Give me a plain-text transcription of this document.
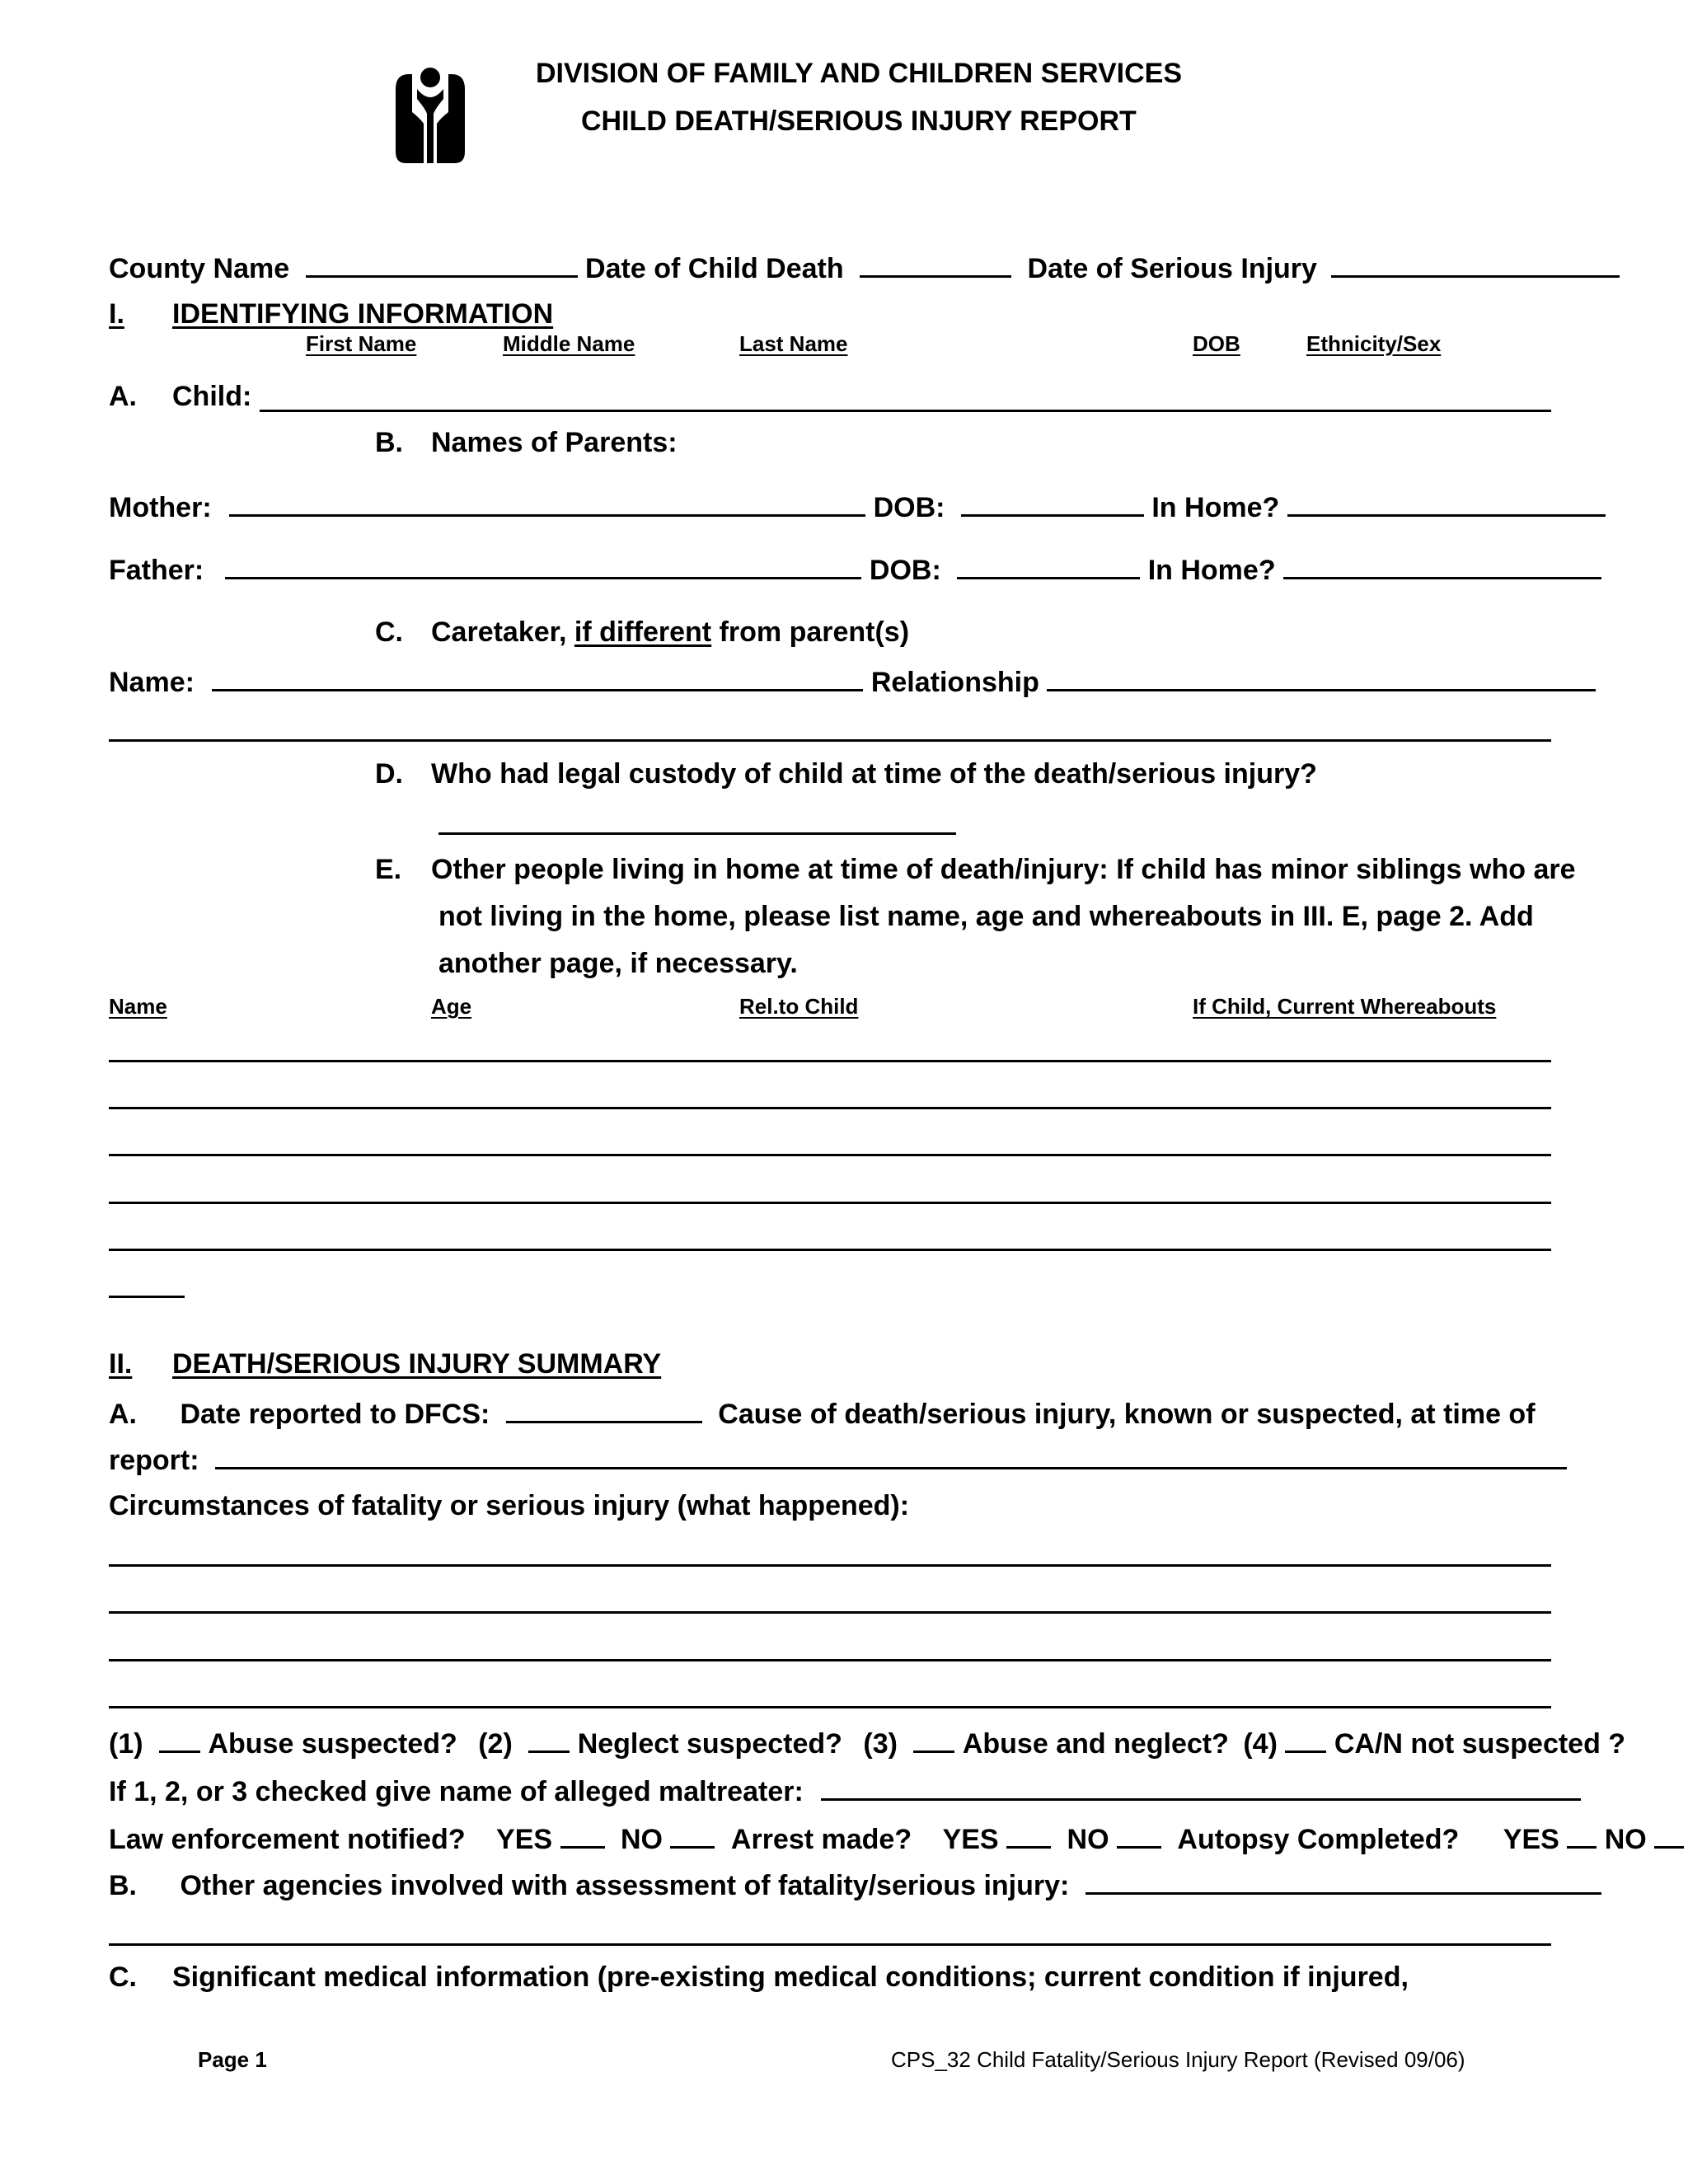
DIVISION OF FAMILY AND CHILDREN SERVICES
CHILD DEATH/SERIOUS INJURY REPORT
County Name	Date of Child Death	Date of Serious Injury
I. IDENTIFYING INFORMATION
First Name	Middle Name	Last Name	DOB	Ethnicity/Sex
A. Child:
B. Names of Parents:
Mother:	DOB:	In Home?
Father:	DOB:	In Home?
C. Caretaker, if different from parent(s)
Name:	Relationship
D. Who had legal custody of child at time of the death/serious injury?
E. Other people living in home at time of death/injury: If child has minor siblings who are
not living in the home, please list name, age and whereabouts in III. E, page 2. Add
another page, if necessary.
Name	Age	Rel.to Child	If Child, Current Whereabouts
II. DEATH/SERIOUS INJURY SUMMARY
A. Date reported to DFCS:	Cause of death/serious injury, known or suspected, at time of
report:
Circumstances of fatality or serious injury (what happened):
(1) Abuse suspected? (2) Neglect suspected? (3) Abuse and neglect? (4) CA/N not suspected ?
If 1, 2, or 3 checked give name of alleged maltreater:
Law enforcement notified? YES NO Arrest made? YES NO Autopsy Completed? YES NO
B. Other agencies involved with assessment of fatality/serious injury:
C. Significant medical information (pre-existing medical conditions; current condition if injured,
Page 1	CPS_32 Child Fatality/Serious Injury Report (Revised 09/06)
